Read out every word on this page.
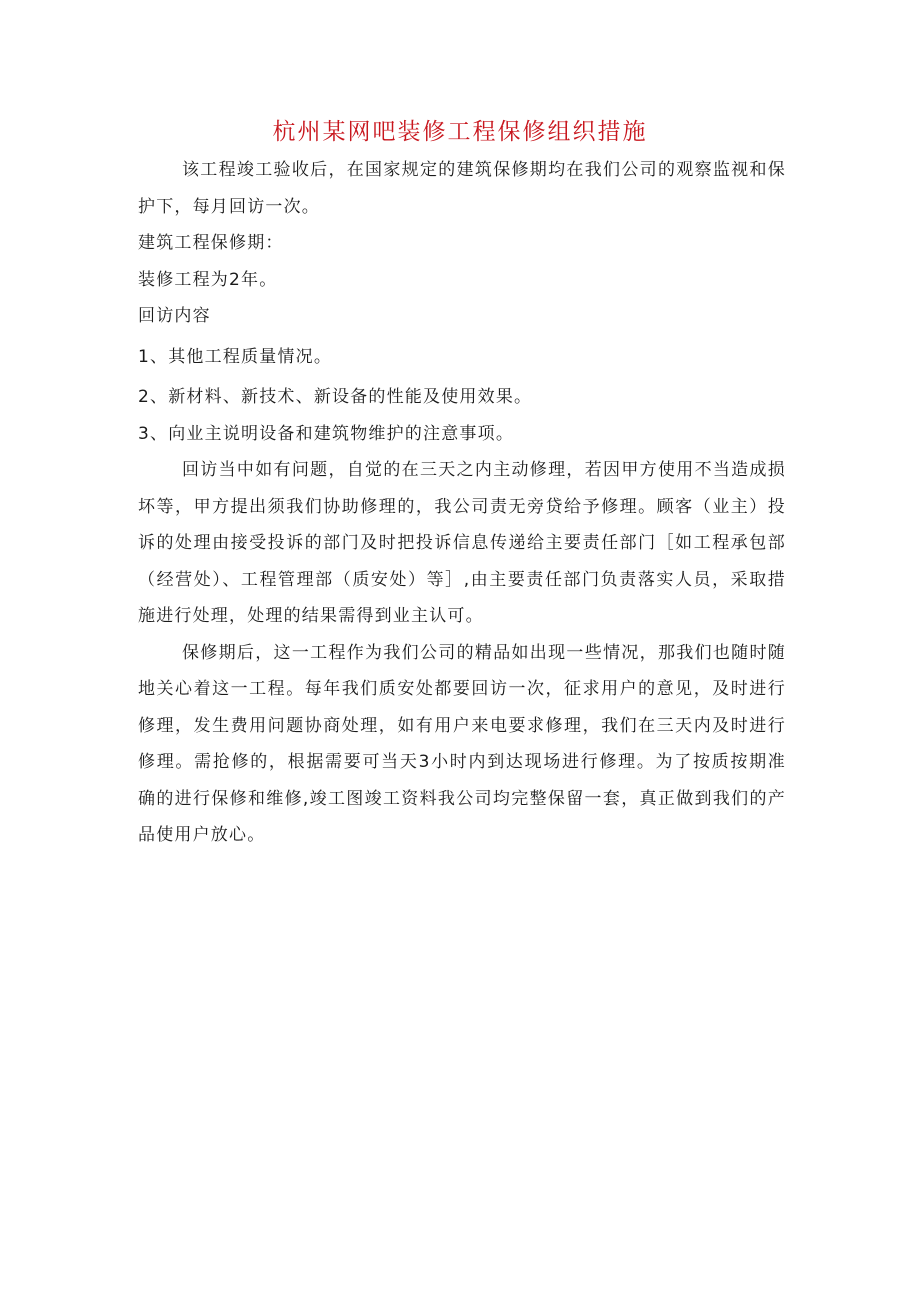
杭州某网吧装修工程保修组织措施

该工程竣工验收后，在国家规定的建筑保修期均在我们公司的观察监视和保护下，每月回访一次。

建筑工程保修期：

装修工程为2年。

回访内容

1、其他工程质量情况。

2、新材料、新技术、新设备的性能及使用效果。

3、向业主说明设备和建筑物维护的注意事项。

回访当中如有问题，自觉的在三天之内主动修理，若因甲方使用不当造成损坏等，甲方提出须我们协助修理的，我公司责无旁贷给予修理。顾客（业主）投诉的处理由接受投诉的部门及时把投诉信息传递给主要责任部门［如工程承包部（经营处）、工程管理部（质安处）等］,由主要责任部门负责落实人员，采取措施进行处理，处理的结果需得到业主认可。

保修期后，这一工程作为我们公司的精品如出现一些情况，那我们也随时随地关心着这一工程。每年我们质安处都要回访一次，征求用户的意见，及时进行修理，发生费用问题协商处理，如有用户来电要求修理，我们在三天内及时进行修理。需抢修的，根据需要可当天3小时内到达现场进行修理。为了按质按期准确的进行保修和维修,竣工图竣工资料我公司均完整保留一套，真正做到我们的产品使用户放心。
